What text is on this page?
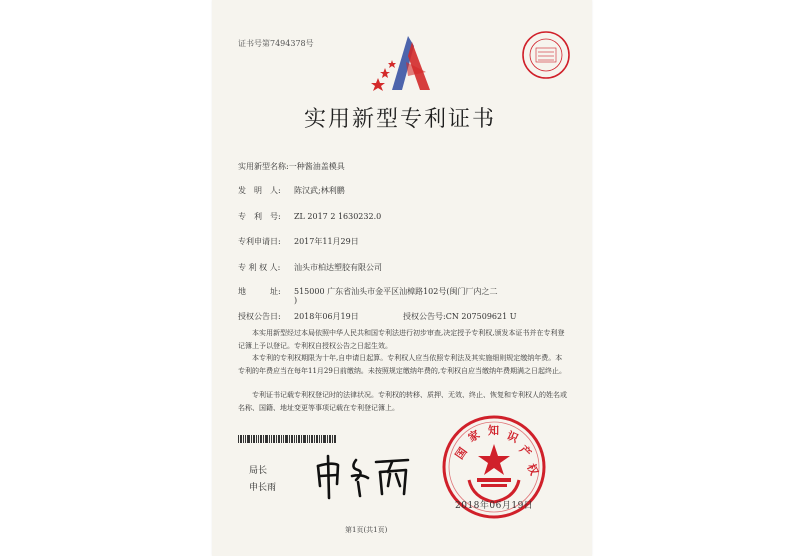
证书号第7494378号
实用新型专利证书
实用新型名称:一种酱油盖模具
发　明　人: 陈汉武;林利鹏
专　利　号: ZL 2017 2 1630232.0
专利申请日: 2017年11月29日
专 利 权 人: 汕头市柏达塑胶有限公司
地　　　址: 515000 广东省汕头市金平区汕樟路102号(闽门厂内之二
)
授权公告日: 2018年06月19日	授权公告号:CN 207509621 U
本实用新型经过本局依照中华人民共和国专利法进行初步审查,决定授予专利权,颁发本证书并在专利登记簿上予以登记。专利权自授权公告之日起生效。
本专利的专利权期限为十年,自申请日起算。专利权人应当依照专利法及其实施细则规定缴纳年费。本专利的年费应当在每年11月29日前缴纳。未按照规定缴纳年费的,专利权自应当缴纳年费期满之日起终止。
专利证书记载专利权登记时的法律状况。专利权的转移、质押、无效、终止、恢复和专利权人的姓名或名称、国籍、地址变更等事项记载在专利登记簿上。
局长
申长雨
国
家 知 识
产
权
2018年06月19日
第1页(共1页)
